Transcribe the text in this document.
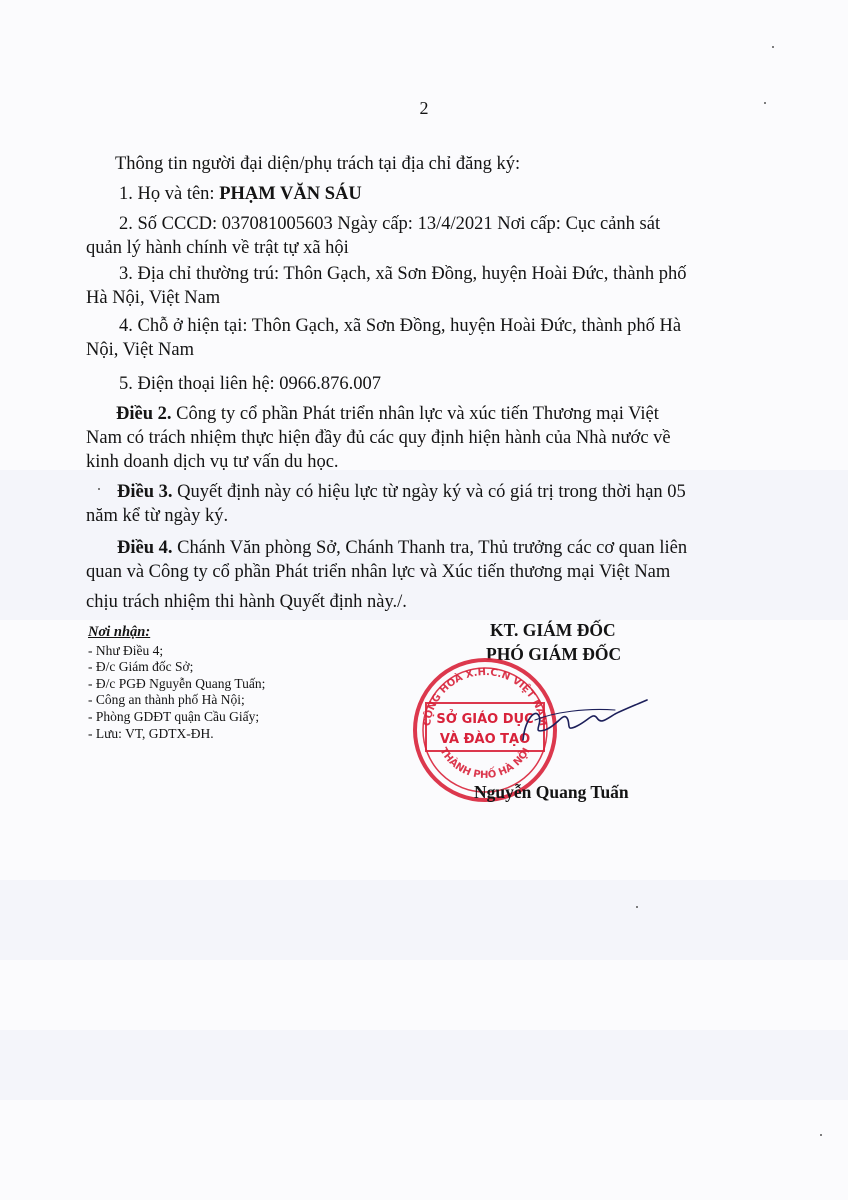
2
Thông tin người đại diện/phụ trách tại địa chỉ đăng ký:
1. Họ và tên: PHẠM VĂN SÁU
2. Số CCCD: 037081005603 Ngày cấp: 13/4/2021 Nơi cấp: Cục cảnh sát
quản lý hành chính về trật tự xã hội
3. Địa chỉ thường trú: Thôn Gạch, xã Sơn Đồng, huyện Hoài Đức, thành phố
Hà Nội, Việt Nam
4. Chỗ ở hiện tại: Thôn Gạch, xã Sơn Đồng, huyện Hoài Đức, thành phố Hà
Nội, Việt Nam
5. Điện thoại liên hệ: 0966.876.007
Điều 2. Công ty cổ phần Phát triển nhân lực và xúc tiến Thương mại Việt
Nam có trách nhiệm thực hiện đầy đủ các quy định hiện hành của Nhà nước về
kinh doanh dịch vụ tư vấn du học.
Điều 3. Quyết định này có hiệu lực từ ngày ký và có giá trị trong thời hạn 05
năm kể từ ngày ký.
Điều 4. Chánh Văn phòng Sở, Chánh Thanh tra, Thủ trưởng các cơ quan liên
quan và Công ty cổ phần Phát triển nhân lực và Xúc tiến thương mại Việt Nam
chịu trách nhiệm thi hành Quyết định này./.
Nơi nhận:
- Như Điều 4;
- Đ/c Giám đốc Sở;
- Đ/c PGĐ Nguyễn Quang Tuấn;
- Công an thành phố Hà Nội;
- Phòng GDĐT quận Cầu Giấy;
- Lưu: VT, GDTX-ĐH.
KT. GIÁM ĐỐC
PHÓ GIÁM ĐỐC
CỘNG HOÀ X.H.C.N VIỆT NAM
THÀNH PHỐ HÀ NỘI
SỞ GIÁO DỤC
VÀ ĐÀO TẠO
Nguyễn Quang Tuấn
